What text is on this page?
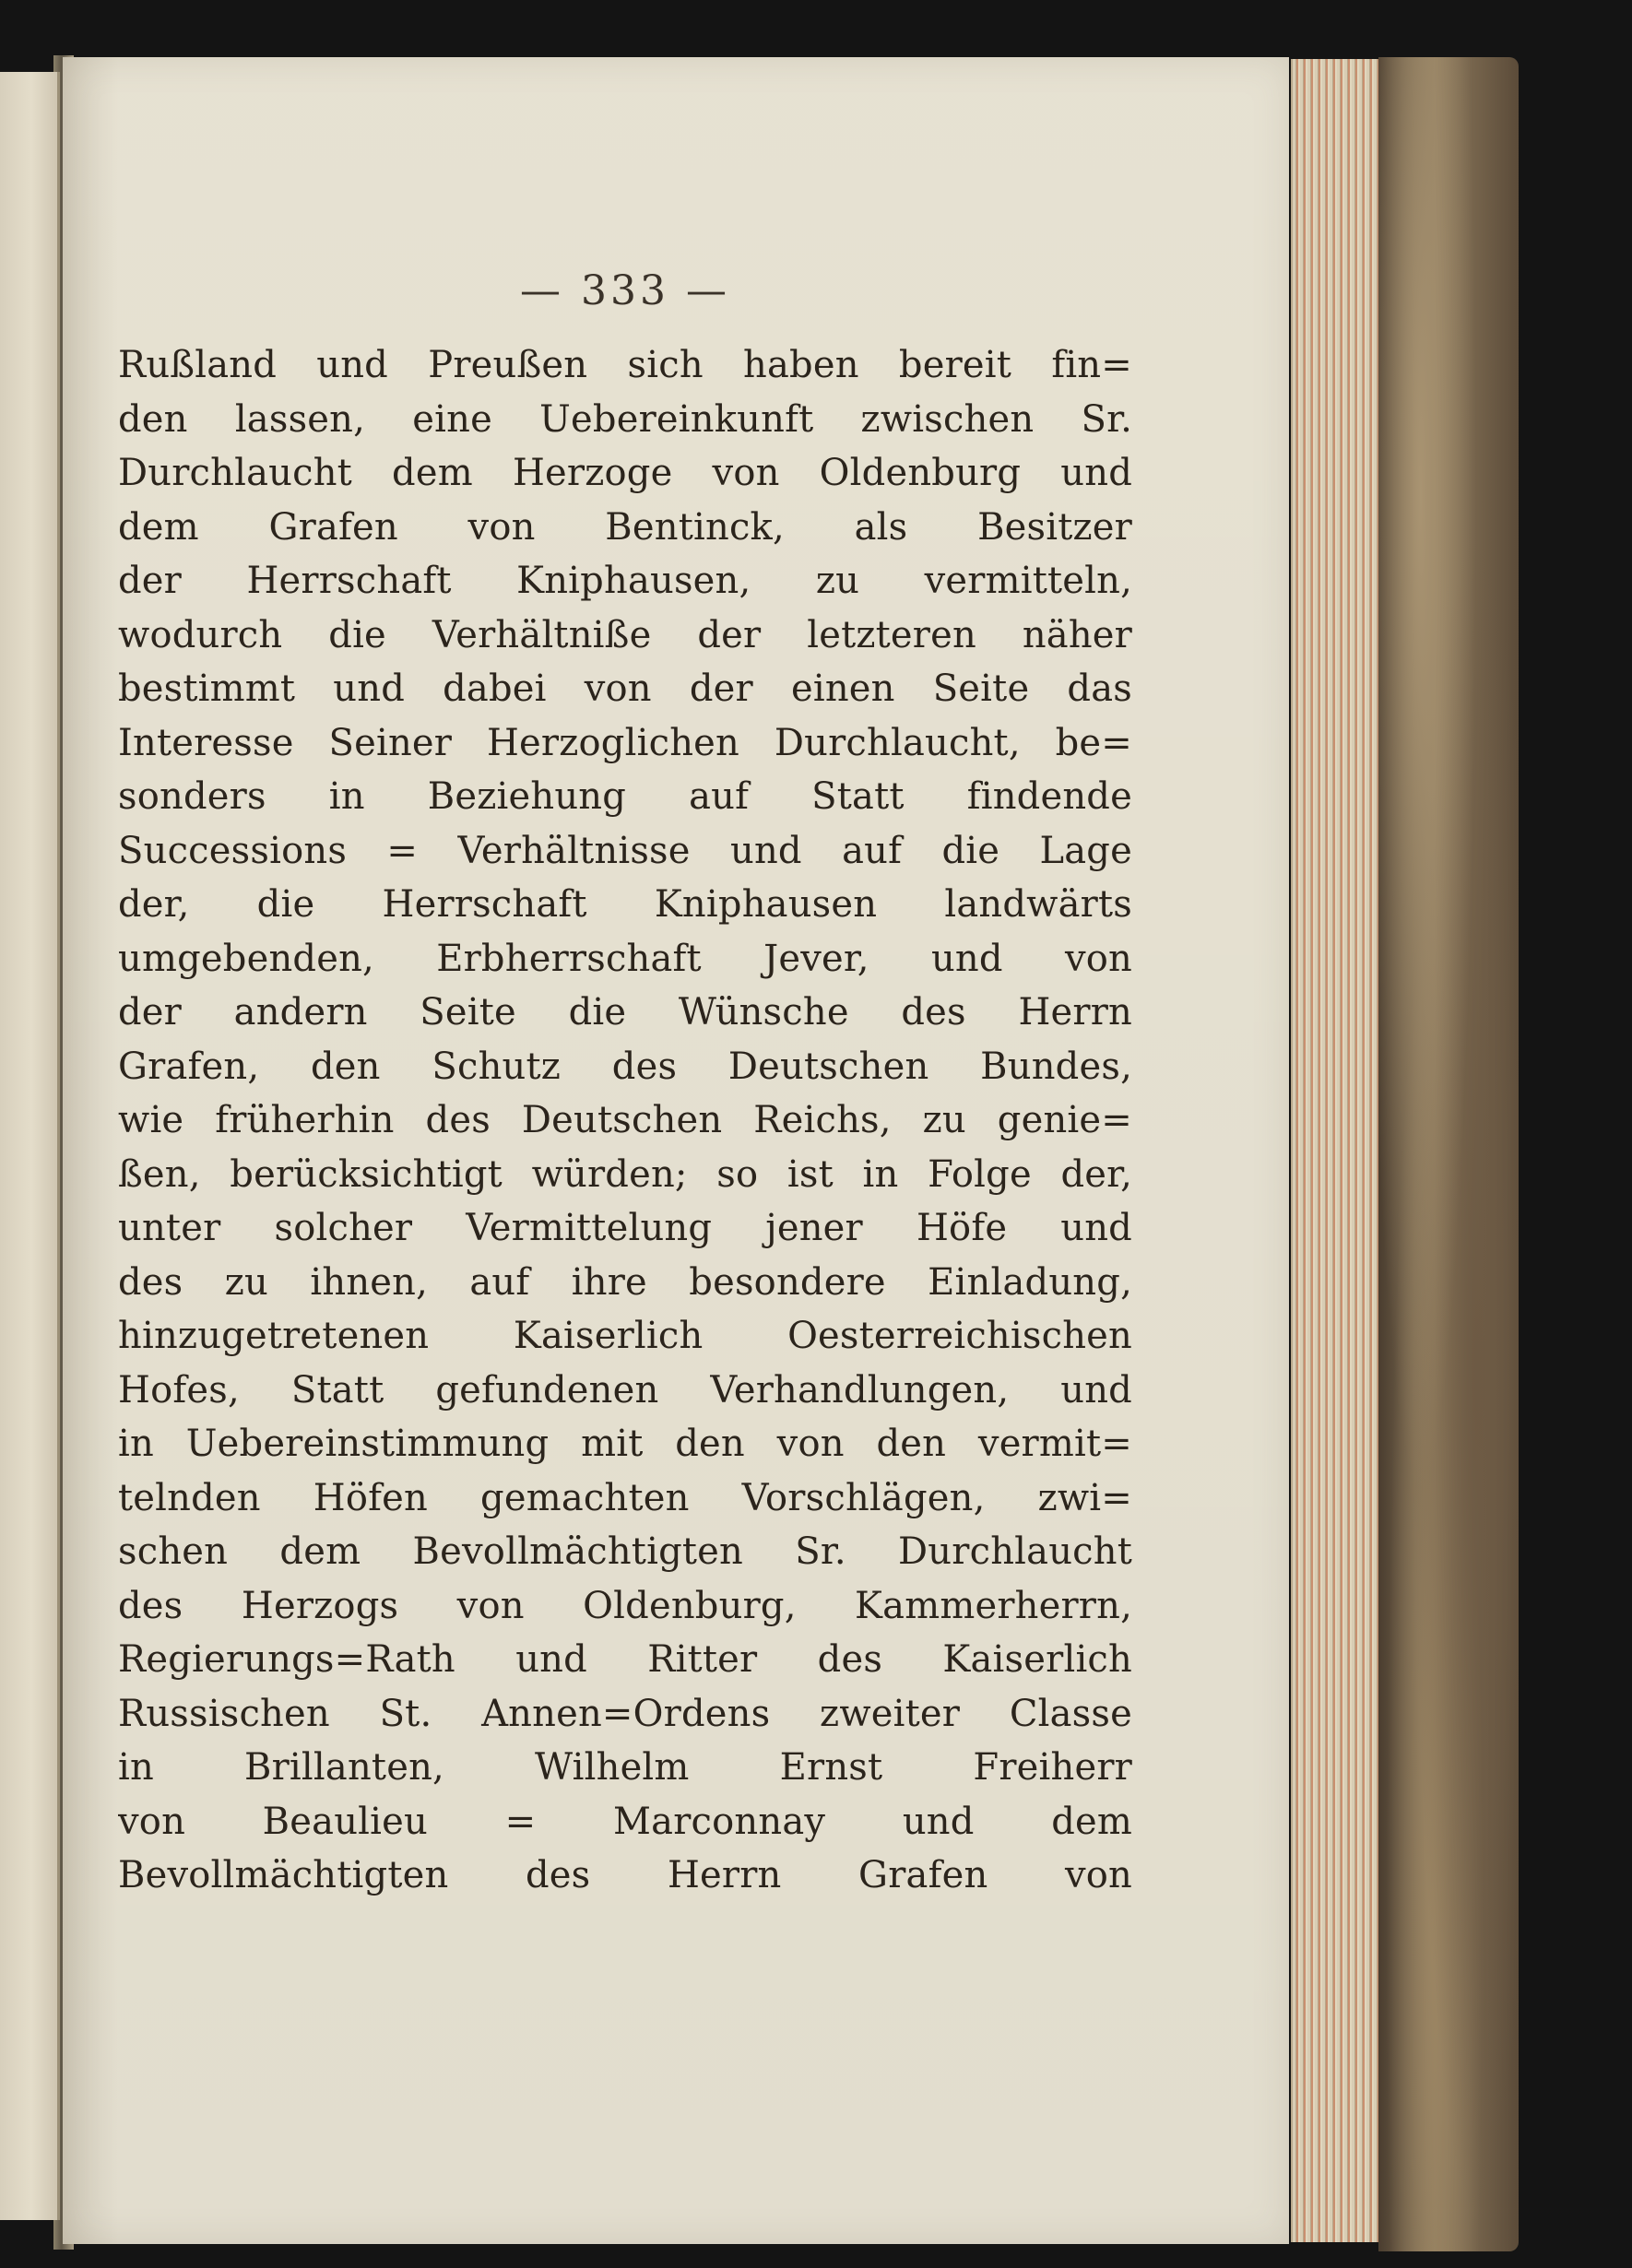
— 333 —
Rußland und Preußen sich haben bereit fin=
den lassen, eine Uebereinkunft zwischen Sr.
Durchlaucht dem Herzoge von Oldenburg und
dem Grafen von Bentinck, als Besitzer
der Herrschaft Kniphausen, zu vermitteln,
wodurch die Verhältniße der letzteren näher
bestimmt und dabei von der einen Seite das
Interesse Seiner Herzoglichen Durchlaucht, be=
sonders in Beziehung auf Statt findende
Successions = Verhältnisse und auf die Lage
der, die Herrschaft Kniphausen landwärts
umgebenden, Erbherrschaft Jever, und von
der andern Seite die Wünsche des Herrn
Grafen, den Schutz des Deutschen Bundes,
wie früherhin des Deutschen Reichs, zu genie=
ßen, berücksichtigt würden; so ist in Folge der,
unter solcher Vermittelung jener Höfe und
des zu ihnen, auf ihre besondere Einladung,
hinzugetretenen Kaiserlich Oesterreichischen
Hofes, Statt gefundenen Verhandlungen, und
in Uebereinstimmung mit den von den vermit=
telnden Höfen gemachten Vorschlägen, zwi=
schen dem Bevollmächtigten Sr. Durchlaucht
des Herzogs von Oldenburg, Kammerherrn,
Regierungs=Rath und Ritter des Kaiserlich
Russischen St. Annen=Ordens zweiter Classe
in Brillanten, Wilhelm Ernst Freiherr
von Beaulieu = Marconnay und dem
Bevollmächtigten des Herrn Grafen von
